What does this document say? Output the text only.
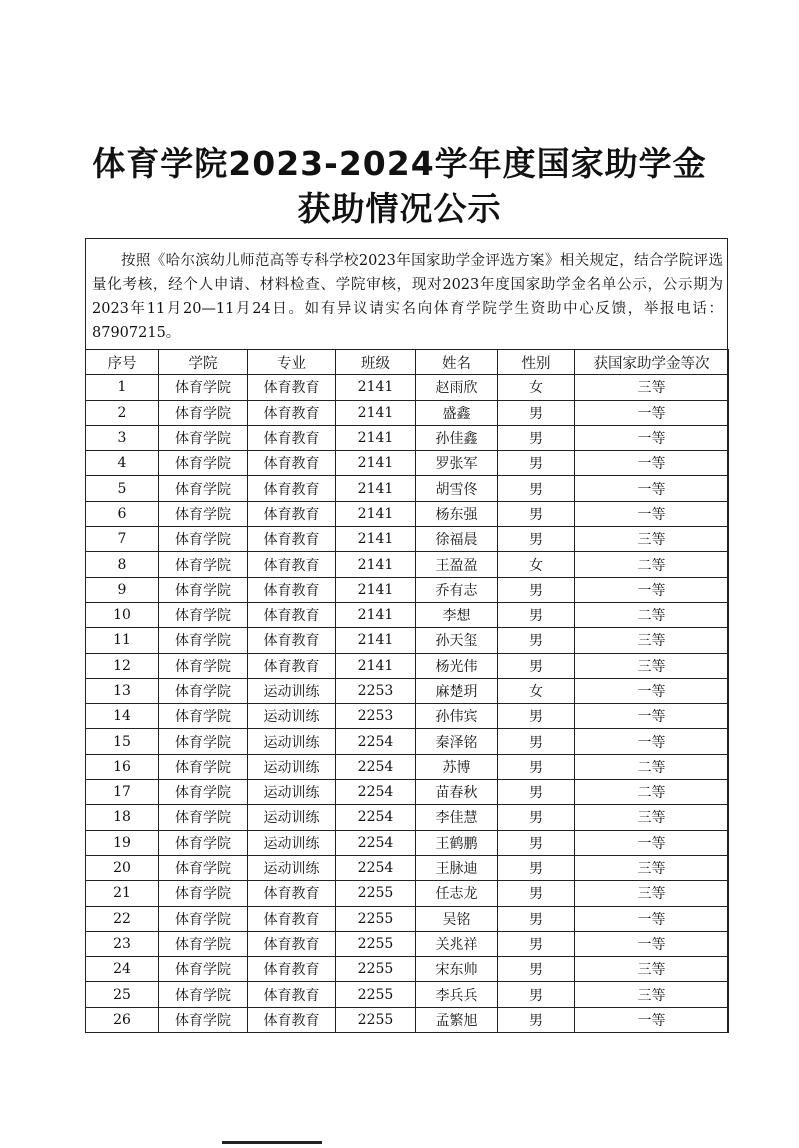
体育学院2023-2024学年度国家助学金
获助情况公示
按照《哈尔滨幼儿师范高等专科学校2023年国家助学金评选方案》相关规定，结合学院评选量化考核，经个人申请、材料检查、学院审核，现对2023年度国家助学金名单公示，公示期为2023年11月20—11月24日。如有异议请实名向体育学院学生资助中心反馈，举报电话：87907215。
序号	学院	专业	班级	姓名	性别	获国家助学金等次
1	体育学院	体育教育	2141	赵雨欣	女	三等
2	体育学院	体育教育	2141	盛鑫	男	一等
3	体育学院	体育教育	2141	孙佳鑫	男	一等
4	体育学院	体育教育	2141	罗张军	男	一等
5	体育学院	体育教育	2141	胡雪佟	男	一等
6	体育学院	体育教育	2141	杨东强	男	一等
7	体育学院	体育教育	2141	徐福晨	男	三等
8	体育学院	体育教育	2141	王盈盈	女	二等
9	体育学院	体育教育	2141	乔有志	男	一等
10	体育学院	体育教育	2141	李想	男	二等
11	体育学院	体育教育	2141	孙天玺	男	三等
12	体育学院	体育教育	2141	杨光伟	男	三等
13	体育学院	运动训练	2253	麻楚玥	女	一等
14	体育学院	运动训练	2253	孙伟宾	男	一等
15	体育学院	运动训练	2254	秦泽铭	男	一等
16	体育学院	运动训练	2254	苏博	男	二等
17	体育学院	运动训练	2254	苗春秋	男	二等
18	体育学院	运动训练	2254	李佳慧	男	三等
19	体育学院	运动训练	2254	王鹤鹏	男	一等
20	体育学院	运动训练	2254	王脉迪	男	三等
21	体育学院	体育教育	2255	任志龙	男	三等
22	体育学院	体育教育	2255	吴铭	男	一等
23	体育学院	体育教育	2255	关兆祥	男	一等
24	体育学院	体育教育	2255	宋东帅	男	三等
25	体育学院	体育教育	2255	李兵兵	男	三等
26	体育学院	体育教育	2255	孟繁旭	男	一等
